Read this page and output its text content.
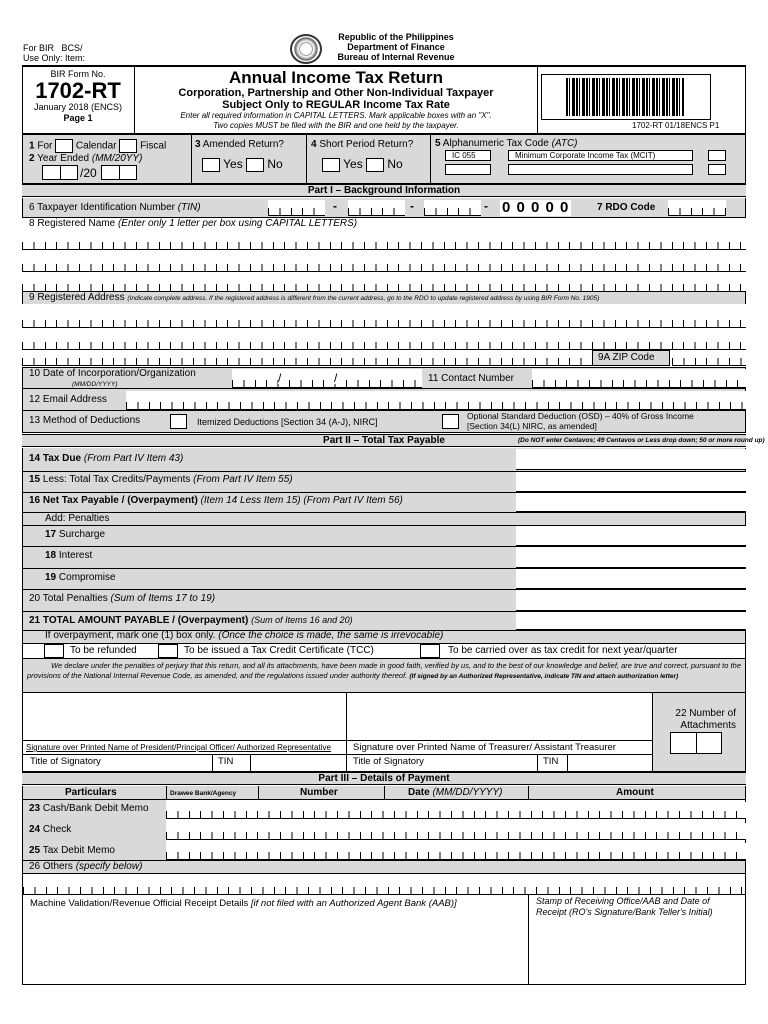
For BIR BCS/
Use Only: Item:
Republic of the Philippines
Department of Finance
Bureau of Internal Revenue
BIR Form No.
1702-RT
January 2018 (ENCS)
Page 1
Annual Income Tax Return
Corporation, Partnership and Other Non-Individual Taxpayer
Subject Only to REGULAR Income Tax Rate
Enter all required information in CAPITAL LETTERS. Mark applicable boxes with an "X".
Two copies MUST be filed with the BIR and one held by the taxpayer.	1702-RT 01/18ENCS P1
1 For Calendar Fiscal
2 Year Ended (MM/20YY)
/20
3 Amended Return?
Yes No
4 Short Period Return?
Yes No
5 Alphanumeric Tax Code (ATC)
IC 055	Minimum Corporate Income Tax (MCIT)
Part I – Background Information
6 Taxpayer Identification Number (TIN)	-	-	- 0 0 0 0 0	7 RDO Code
8 Registered Name (Enter only 1 letter per box using CAPITAL LETTERS)
9 Registered Address (Indicate complete address. If the registered address is different from the current address, go to the RDO to update registered address by using BIR Form No. 1905)
9A ZIP Code
10 Date of Incorporation/Organization
(MM/DD/YYYY)	/	/	11 Contact Number
12 Email Address
13 Method of Deductions	Itemized Deductions [Section 34 (A-J), NIRC]
Optional Standard Deduction (OSD) – 40% of Gross Income
[Section 34(L) NIRC, as amended]
Part II – Total Tax Payable	(Do NOT enter Centavos; 49 Centavos or Less drop down; 50 or more round up)
14 Tax Due (From Part IV Item 43)
15 Less: Total Tax Credits/Payments (From Part IV Item 55)
16 Net Tax Payable / (Overpayment) (Item 14 Less Item 15) (From Part IV Item 56)
Add: Penalties
17 Surcharge
18 Interest
19 Compromise
20 Total Penalties (Sum of Items 17 to 19)
21 TOTAL AMOUNT PAYABLE / (Overpayment) (Sum of Items 16 and 20)
If overpayment, mark one (1) box only. (Once the choice is made, the same is irrevocable)
To be refunded	To be issued a Tax Credit Certificate (TCC)	To be carried over as tax credit for next year/quarter
We declare under the penalties of perjury that this return, and all its attachments, have been made in good faith, verified by us, and to the best of our knowledge and belief, are true and correct, pursuant to the provisions of the National Internal Revenue Code, as amended, and the regulations issued under authority thereof. (If signed by an Authorized Representative, indicate TIN and attach authorization letter)
Signature over Printed Name of President/Principal Officer/ Authorized Representative Signature over Printed Name of Treasurer/ Assistant Treasurer
Title of Signatory	TIN	Title of Signatory	TIN
22 Number of
Attachments
Part III – Details of Payment
Particulars	Drawee Bank/Agency	Number	Date (MM/DD/YYYY)	Amount
23 Cash/Bank Debit Memo
24 Check
25 Tax Debit Memo
26 Others (specify below)
Machine Validation/Revenue Official Receipt Details [if not filed with an Authorized Agent Bank (AAB)]	Stamp of Receiving Office/AAB and Date of
Receipt (RO's Signature/Bank Teller's Initial)
